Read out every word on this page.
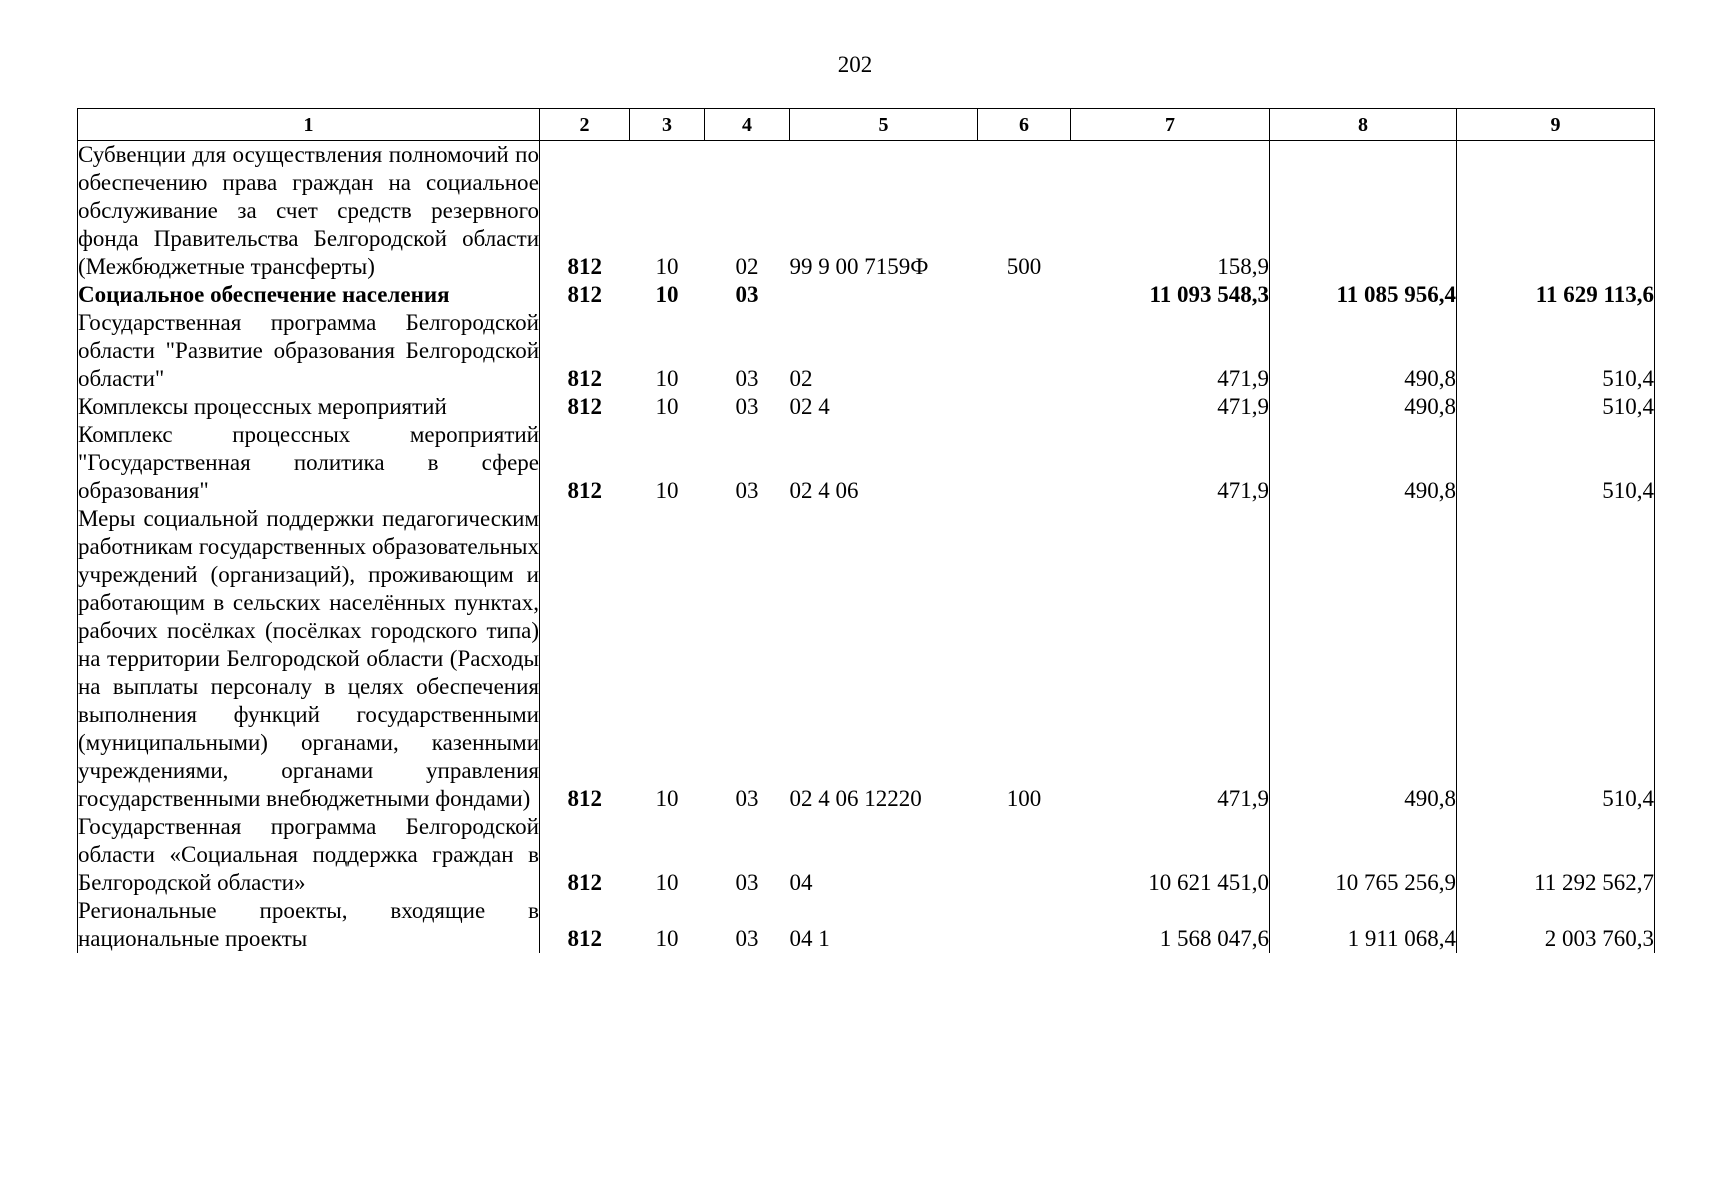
202
1	2	3	4	5	6	7	8	9
Субвенции для осуществления полномочий по обеспечению права граждан на социальное обслуживание за счет средств резервного фонда Правительства Белгородской области (Межбюджетные трансферты)	812	10	02	99 9 00 7159Ф	500	158,9		
Социальное обеспечение населения	812	10	03			11 093 548,3	11 085 956,4	11 629 113,6
Государственная программа Белгородской области "Развитие образования Белгородской области"	812	10	03	02		471,9	490,8	510,4
Комплексы процессных мероприятий	812	10	03	02 4		471,9	490,8	510,4
Комплекс процессных мероприятий "Государственная политика в сфере образования"	812	10	03	02 4 06		471,9	490,8	510,4
Меры социальной поддержки педагогическим работникам государственных образовательных учреждений (организаций), проживающим и работающим в сельских населённых пунктах, рабочих посёлках (посёлках городского типа) на территории Белгородской области (Расходы на выплаты персоналу в целях обеспечения выполнения функций государственными (муниципальными) органами, казенными учреждениями, органами управления государственными внебюджетными фондами)	812	10	03	02 4 06 12220	100	471,9	490,8	510,4
Государственная программа Белгородской области «Социальная поддержка граждан в Белгородской области»	812	10	03	04		10 621 451,0	10 765 256,9	11 292 562,7
Региональные проекты, входящие в национальные проекты	812	10	03	04 1		1 568 047,6	1 911 068,4	2 003 760,3
